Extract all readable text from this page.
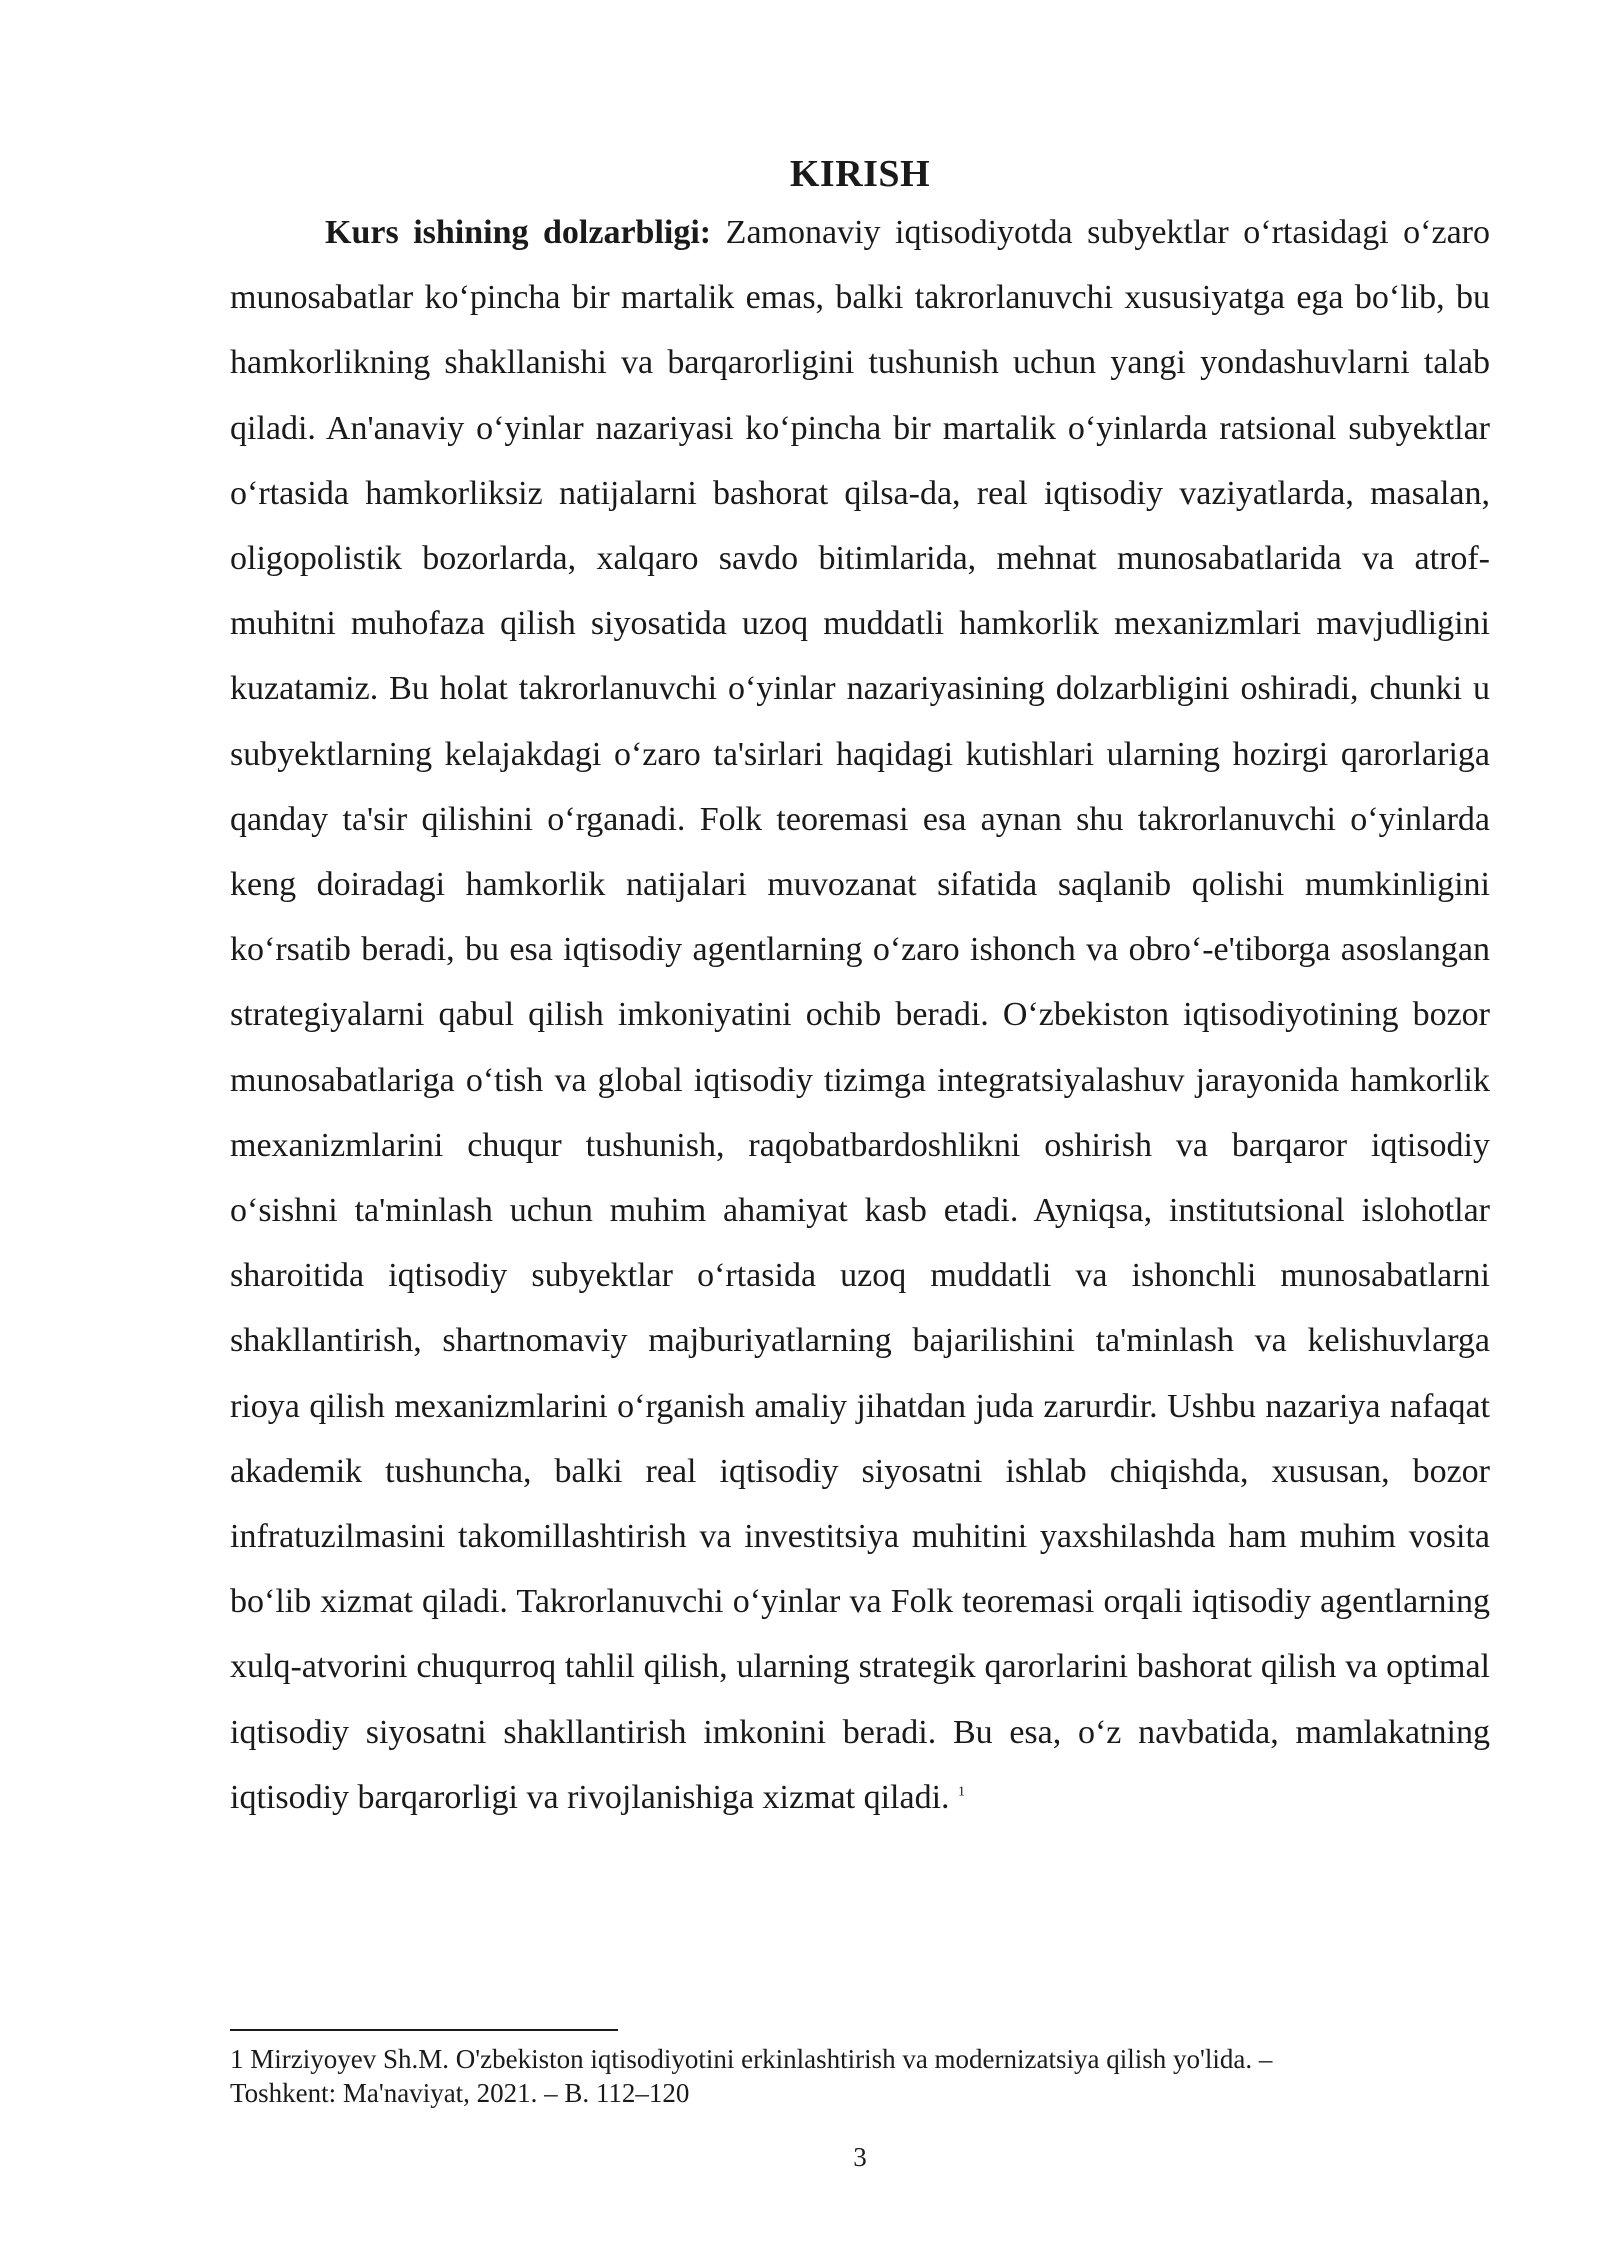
KIRISH

Kurs ishining dolzarbligi: Zamonaviy iqtisodiyotda subyektlar o‘rtasidagi o‘zaro munosabatlar ko‘pincha bir martalik emas, balki takrorlanuvchi xususiyatga ega bo‘lib, bu hamkorlikning shakllanishi va barqarorligini tushunish uchun yangi yondashuvlarni talab qiladi. An'anaviy o‘yinlar nazariyasi ko‘pincha bir martalik o‘yinlarda ratsional subyektlar o‘rtasida hamkorliksiz natijalarni bashorat qilsa-da, real iqtisodiy vaziyatlarda, masalan, oligopolistik bozorlarda, xalqaro savdo bitimlarida, mehnat munosabatlarida va atrof-muhitni muhofaza qilish siyosatida uzoq muddatli hamkorlik mexanizmlari mavjudligini kuzatamiz. Bu holat takrorlanuvchi o‘yinlar nazariyasining dolzarbligini oshiradi, chunki u subyektlarning kelajakdagi o‘zaro ta'sirlari haqidagi kutishlari ularning hozirgi qarorlariga qanday ta'sir qilishini o‘rganadi. Folk teoremasi esa aynan shu takrorlanuvchi o‘yinlarda keng doiradagi hamkorlik natijalari muvozanat sifatida saqlanib qolishi mumkinligini ko‘rsatib beradi, bu esa iqtisodiy agentlarning o‘zaro ishonch va obro‘-e'tiborga asoslangan strategiyalarni qabul qilish imkoniyatini ochib beradi. O‘zbekiston iqtisodiyotining bozor munosabatlariga o‘tish va global iqtisodiy tizimga integratsiyalashuv jarayonida hamkorlik mexanizmlarini chuqur tushunish, raqobatbardoshlikni oshirish va barqaror iqtisodiy o‘sishni ta'minlash uchun muhim ahamiyat kasb etadi. Ayniqsa, institutsional islohotlar sharoitida iqtisodiy subyektlar o‘rtasida uzoq muddatli va ishonchli munosabatlarni shakllantirish, shartnomaviy majburiyatlarning bajarilishini ta'minlash va kelishuvlarga rioya qilish mexanizmlarini o‘rganish amaliy jihatdan juda zarurdir. Ushbu nazariya nafaqat akademik tushuncha, balki real iqtisodiy siyosatni ishlab chiqishda, xususan, bozor infratuzilmasini takomillashtirish va investitsiya muhitini yaxshilashda ham muhim vosita bo‘lib xizmat qiladi. Takrorlanuvchi o‘yinlar va Folk teoremasi orqali iqtisodiy agentlarning xulq-atvorini chuqurroq tahlil qilish, ularning strategik qarorlarini bashorat qilish va optimal iqtisodiy siyosatni shakllantirish imkonini beradi. Bu esa, o‘z navbatida, mamlakatning iqtisodiy barqarorligi va rivojlanishiga xizmat qiladi. $^1$

1 Mirziyoyev Sh.M. O'zbekiston iqtisodiyotini erkinlashtirish va modernizatsiya qilish yo'lida. –
Toshkent: Ma'naviyat, 2021. – B. 112–120

3
